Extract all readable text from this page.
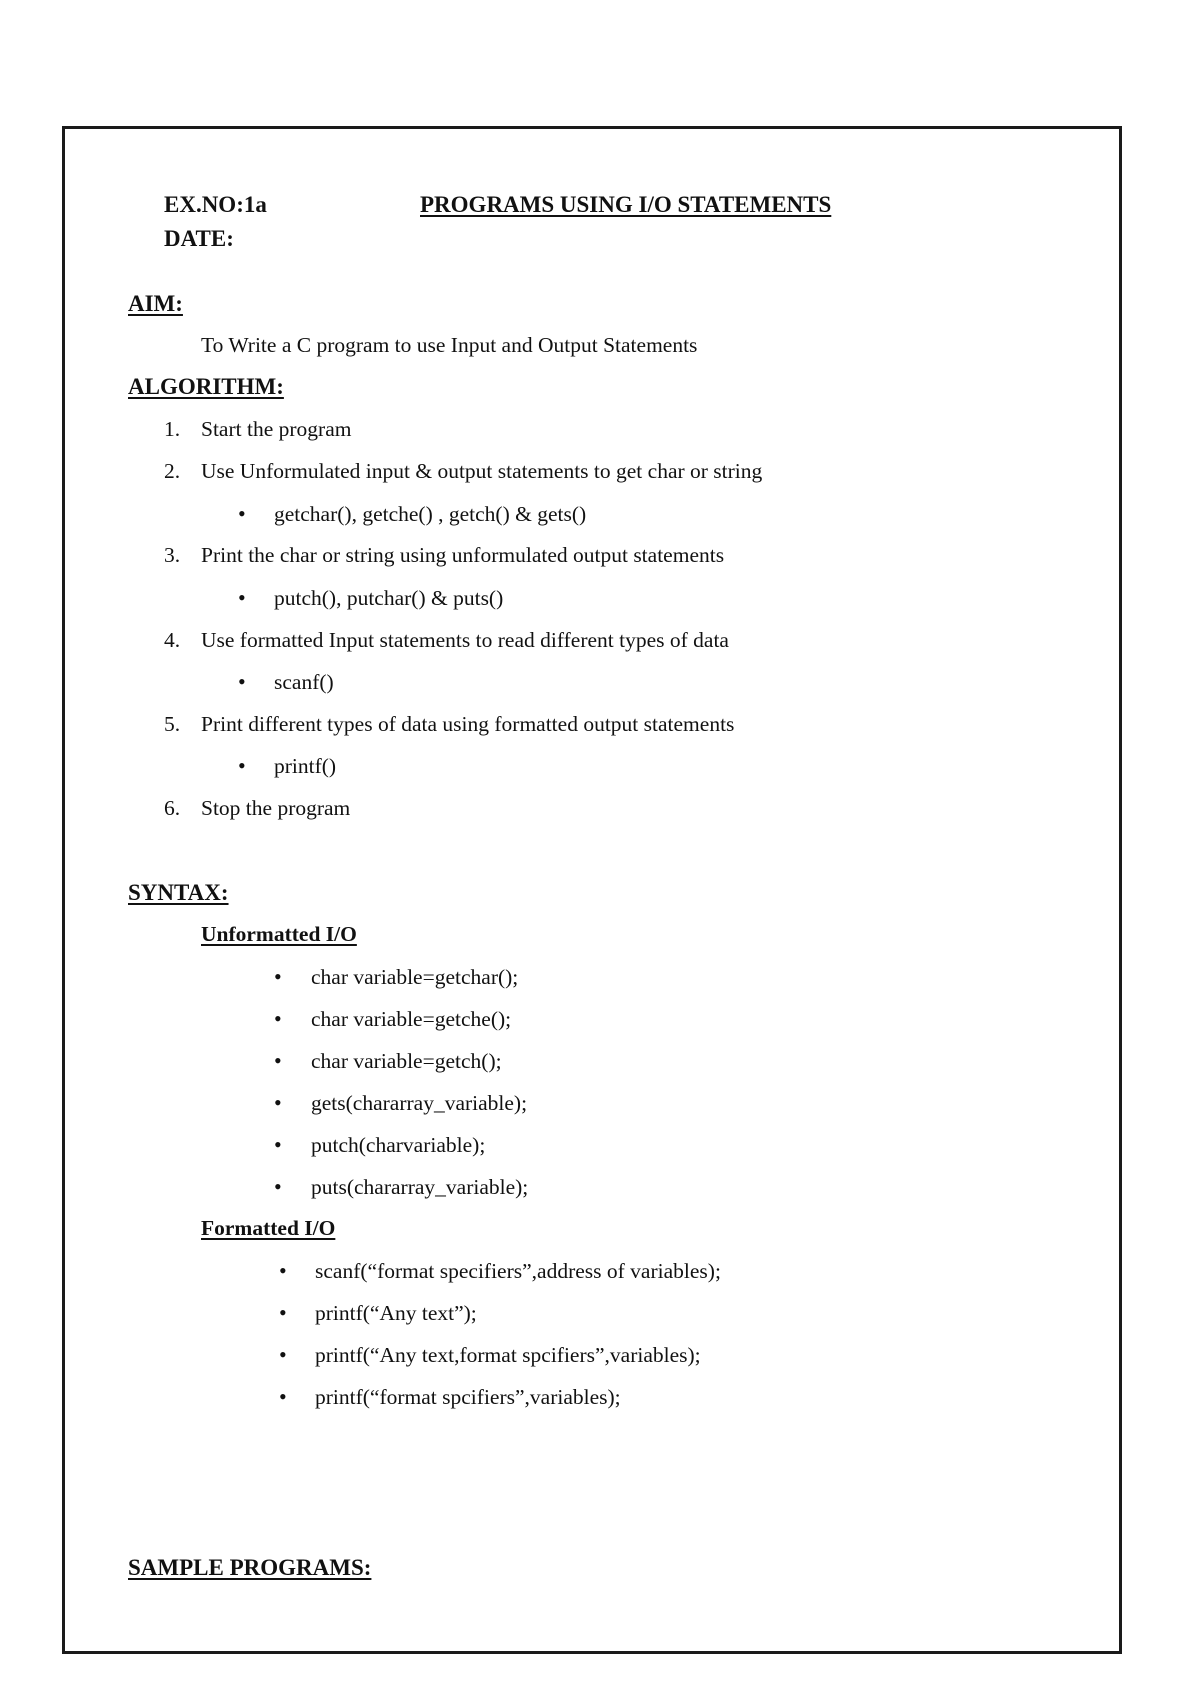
EX.NO:1a	PROGRAMS USING I/O STATEMENTS
DATE:
AIM:
To Write a C program to use Input and Output Statements
ALGORITHM:
1. Start the program
2. Use Unformulated input & output statements to get char or string
• getchar(), getche() , getch() & gets()
3. Print the char or string using unformulated output statements
• putch(), putchar() & puts()
4. Use formatted Input statements to read different types of data
• scanf()
5. Print different types of data using formatted output statements
• printf()
6. Stop the program
SYNTAX:
Unformatted I/O
• char variable=getchar();
• char variable=getche();
• char variable=getch();
• gets(chararray_variable);
• putch(charvariable);
• puts(chararray_variable);
Formatted I/O
• scanf(“format specifiers”,address of variables);
• printf(“Any text”);
• printf(“Any text,format spcifiers”,variables);
• printf(“format spcifiers”,variables);
SAMPLE PROGRAMS:
